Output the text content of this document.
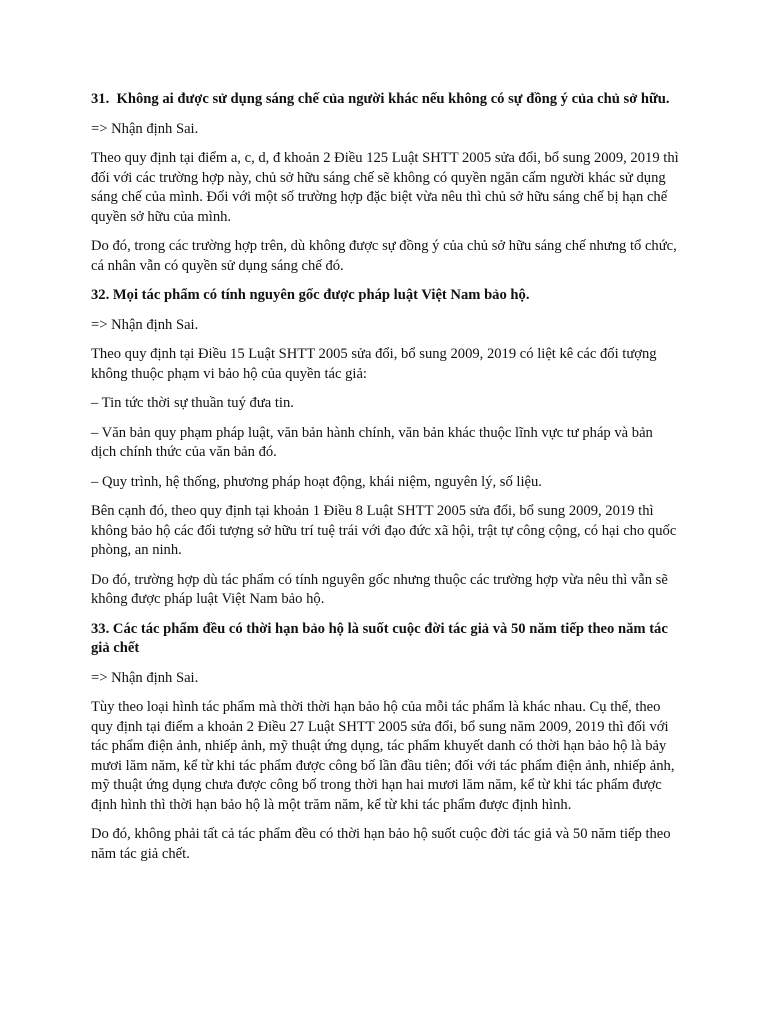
31. Không ai được sử dụng sáng chế của người khác nếu không có sự đồng ý của chủ sở hữu.

=> Nhận định Sai.

Theo quy định tại điểm a, c, d, đ khoản 2 Điều 125 Luật SHTT 2005 sửa đổi, bổ sung 2009, 2019 thì đối với các trường hợp này, chủ sở hữu sáng chế sẽ không có quyền ngăn cấm người khác sử dụng sáng chế của mình. Đối với một số trường hợp đặc biệt vừa nêu thì chủ sở hữu sáng chế bị hạn chế quyền sở hữu của mình.

Do đó, trong các trường hợp trên, dù không được sự đồng ý của chủ sở hữu sáng chế nhưng tổ chức, cá nhân vẫn có quyền sử dụng sáng chế đó.

32. Mọi tác phẩm có tính nguyên gốc được pháp luật Việt Nam bảo hộ.

=> Nhận định Sai.

Theo quy định tại Điều 15 Luật SHTT 2005 sửa đổi, bổ sung 2009, 2019 có liệt kê các đối tượng không thuộc phạm vi bảo hộ của quyền tác giả:

– Tin tức thời sự thuần tuý đưa tin.

– Văn bản quy phạm pháp luật, văn bản hành chính, văn bản khác thuộc lĩnh vực tư pháp và bản dịch chính thức của văn bản đó.

– Quy trình, hệ thống, phương pháp hoạt động, khái niệm, nguyên lý, số liệu.

Bên cạnh đó, theo quy định tại khoản 1 Điều 8 Luật SHTT 2005 sửa đổi, bổ sung 2009, 2019 thì không bảo hộ các đối tượng sở hữu trí tuệ trái với đạo đức xã hội, trật tự công cộng, có hại cho quốc phòng, an ninh.

Do đó, trường hợp dù tác phẩm có tính nguyên gốc nhưng thuộc các trường hợp vừa nêu thì vẫn sẽ không được pháp luật Việt Nam bảo hộ.

33. Các tác phẩm đều có thời hạn bảo hộ là suốt cuộc đời tác giả và 50 năm tiếp theo năm tác giả chết

=> Nhận định Sai.

Tùy theo loại hình tác phẩm mà thời thời hạn bảo hộ của mỗi tác phẩm là khác nhau. Cụ thể, theo quy định tại điểm a khoản 2 Điều 27 Luật SHTT 2005 sửa đổi, bổ sung năm 2009, 2019 thì đối với tác phẩm điện ảnh, nhiếp ảnh, mỹ thuật ứng dụng, tác phẩm khuyết danh có thời hạn bảo hộ là bảy mươi lăm năm, kể từ khi tác phẩm được công bố lần đầu tiên; đối với tác phẩm điện ảnh, nhiếp ảnh, mỹ thuật ứng dụng chưa được công bố trong thời hạn hai mươi lăm năm, kể từ khi tác phẩm được định hình thì thời hạn bảo hộ là một trăm năm, kể từ khi tác phẩm được định hình.

Do đó, không phải tất cả tác phẩm đều có thời hạn bảo hộ suốt cuộc đời tác giả và 50 năm tiếp theo năm tác giả chết.
